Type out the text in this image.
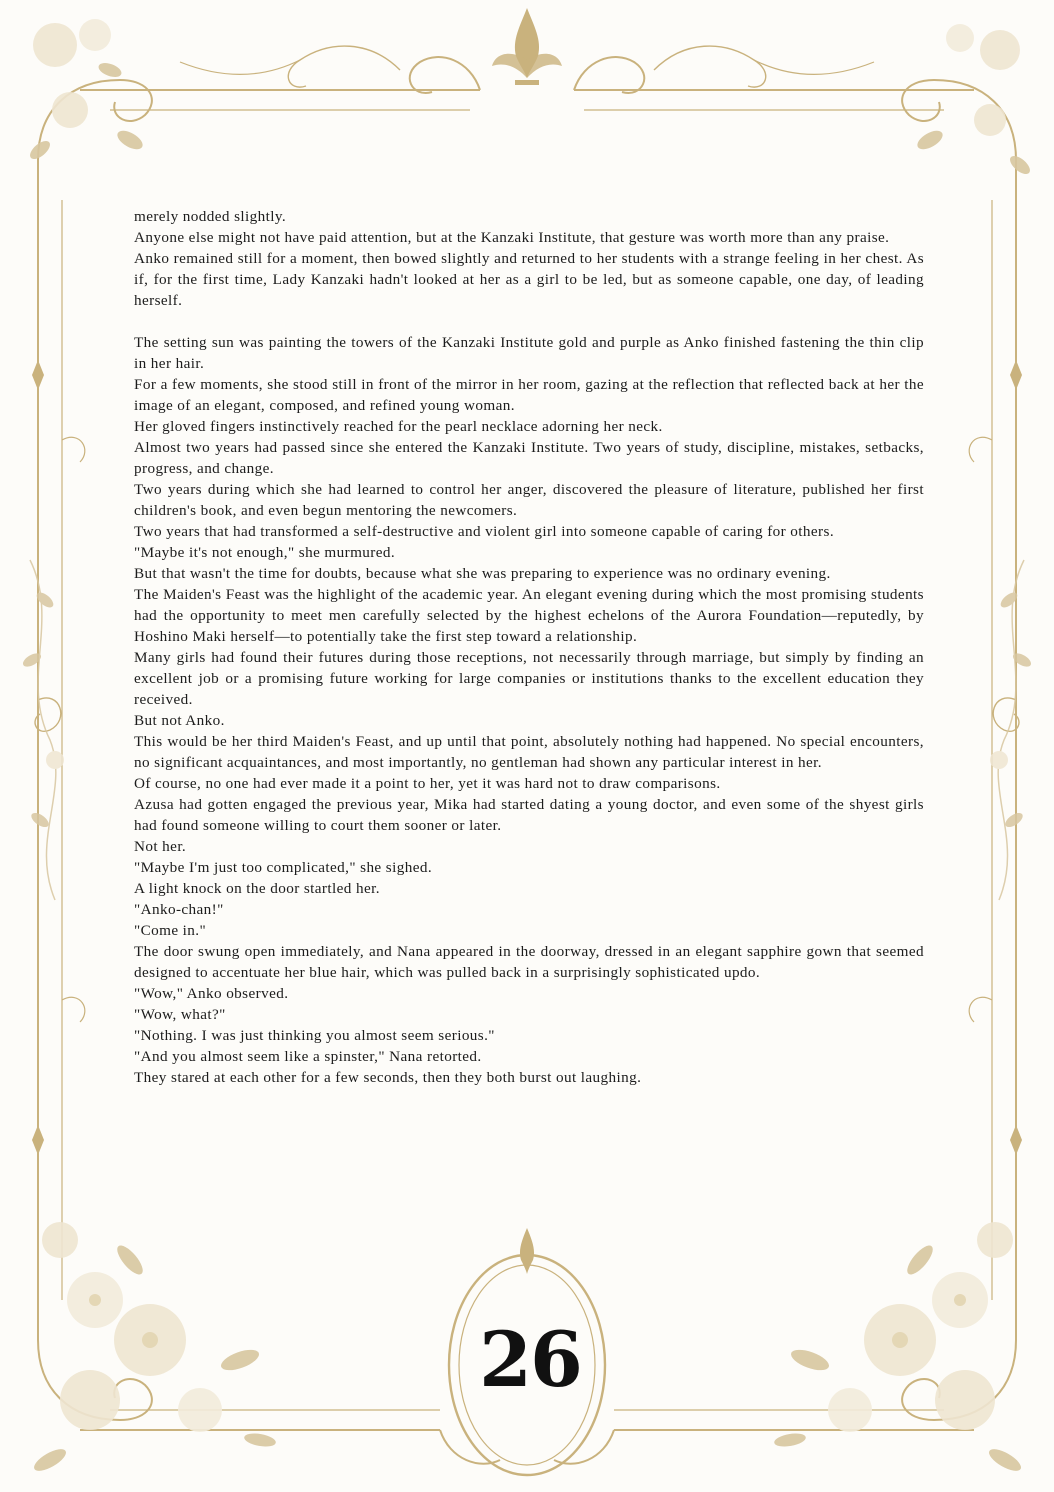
merely nodded slightly.

Anyone else might not have paid attention, but at the Kanzaki Institute, that gesture was worth more than any praise.

Anko remained still for a moment, then bowed slightly and returned to her students with a strange feeling in her chest. As if, for the first time, Lady Kanzaki hadn't looked at her as a girl to be led, but as someone capable, one day, of leading herself.

The setting sun was painting the towers of the Kanzaki Institute gold and purple as Anko finished fastening the thin clip in her hair.

For a few moments, she stood still in front of the mirror in her room, gazing at the reflection that reflected back at her the image of an elegant, composed, and refined young woman.

Her gloved fingers instinctively reached for the pearl necklace adorning her neck.

Almost two years had passed since she entered the Kanzaki Institute. Two years of study, discipline, mistakes, setbacks, progress, and change.

Two years during which she had learned to control her anger, discovered the pleasure of literature, published her first children's book, and even begun mentoring the newcomers.

Two years that had transformed a self-destructive and violent girl into someone capable of caring for others.

"Maybe it's not enough," she murmured.

But that wasn't the time for doubts, because what she was preparing to experience was no ordinary evening.

The Maiden's Feast was the highlight of the academic year. An elegant evening during which the most promising students had the opportunity to meet men carefully selected by the highest echelons of the Aurora Foundation—reputedly, by Hoshino Maki herself—to potentially take the first step toward a relationship.

Many girls had found their futures during those receptions, not necessarily through marriage, but simply by finding an excellent job or a promising future working for large companies or institutions thanks to the excellent education they received.

But not Anko.

This would be her third Maiden's Feast, and up until that point, absolutely nothing had happened. No special encounters, no significant acquaintances, and most importantly, no gentleman had shown any particular interest in her.

Of course, no one had ever made it a point to her, yet it was hard not to draw comparisons.

Azusa had gotten engaged the previous year, Mika had started dating a young doctor, and even some of the shyest girls had found someone willing to court them sooner or later.

Not her.

"Maybe I'm just too complicated," she sighed.

A light knock on the door startled her.

"Anko-chan!"

"Come in."

The door swung open immediately, and Nana appeared in the doorway, dressed in an elegant sapphire gown that seemed designed to accentuate her blue hair, which was pulled back in a surprisingly sophisticated updo.

"Wow," Anko observed.

"Wow, what?"

"Nothing. I was just thinking you almost seem serious."

"And you almost seem like a spinster," Nana retorted.

They stared at each other for a few seconds, then they both burst out laughing.

26
